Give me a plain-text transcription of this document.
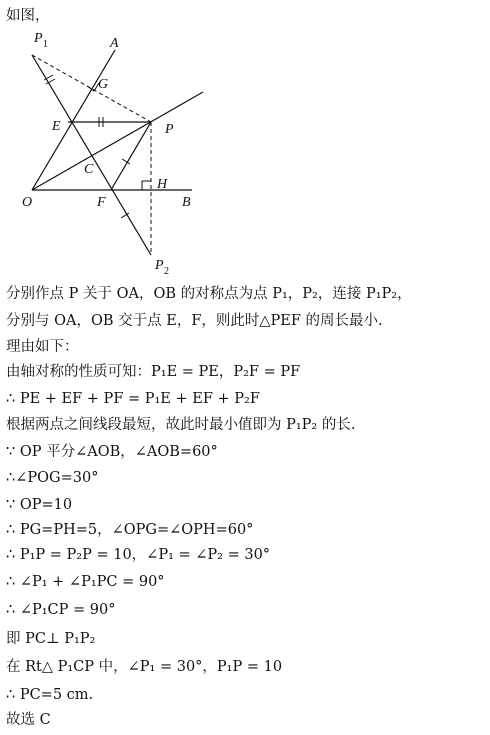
如图，
P 1	A
G
E	P
C
H
O	F	B
P 2
分别作点 P 关于 OA，OB 的对称点为点 P₁，P₂，连接 P₁P₂，
分别与 OA，OB 交于点 E，F，则此时△PEF 的周长最小.
理由如下：
由轴对称的性质可知：P₁E = PE，P₂F = PF
∴ PE + EF + PF = P₁E + EF + P₂F
根据两点之间线段最短，故此时最小值即为 P₁P₂ 的长.
∵ OP 平分∠AOB，∠AOB=60°
∴∠POG=30°
∵ OP=10
∴ PG=PH=5，∠OPG=∠OPH=60°
∴ P₁P = P₂P = 10，∠P₁ = ∠P₂ = 30°
∴ ∠P₁ + ∠P₁PC = 90°
∴ ∠P₁CP = 90°
即 PC⊥ P₁P₂
在 Rt△ P₁CP 中，∠P₁ = 30°，P₁P = 10
∴ PC=5 cm.
故选 C
